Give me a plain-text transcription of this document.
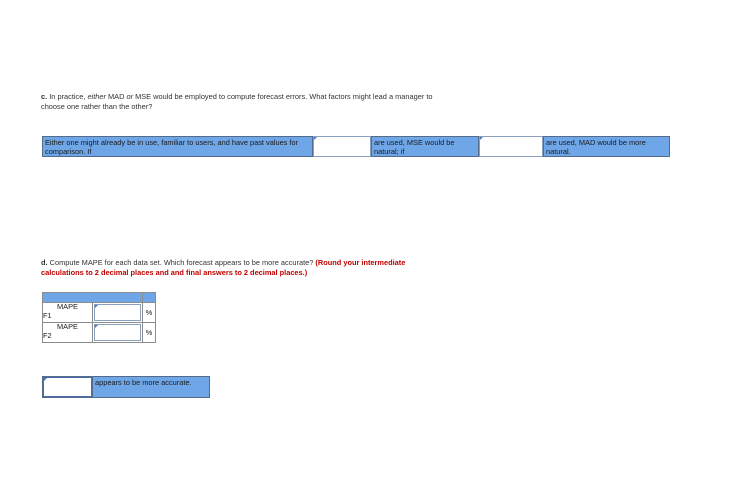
c. In practice, either MAD or MSE would be employed to compute forecast errors. What factors might lead a manager to
choose one rather than the other?
Either one might already be in use, familiar to users, and have past values for comparison. If
are used, MSE would be natural; if
are used, MAD would be more natural.
d. Compute MAPE for each data set. Which forecast appears to be more accurate? (Round your intermediate
calculations to 2 decimal places and and final answers to 2 decimal places.)

MAPE
F1		%

MAPE
F2		%
appears to be more accurate.
